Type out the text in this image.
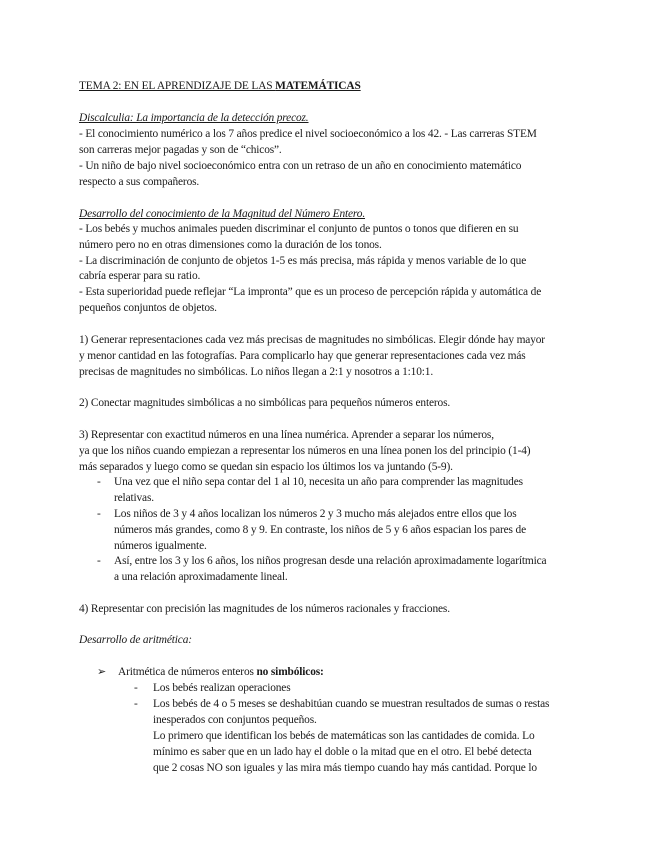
TEMA 2: EN EL APRENDIZAJE DE LAS MATEMÁTICAS
Discalculia: La importancia de la detección precoz.
- El conocimiento numérico a los 7 años predice el nivel socioeconómico a los 42. - Las carreras STEM
son carreras mejor pagadas y son de “chicos”.
- Un niño de bajo nivel socioeconómico entra con un retraso de un año en conocimiento matemático
respecto a sus compañeros.
Desarrollo del conocimiento de la Magnitud del Número Entero.
- Los bebés y muchos animales pueden discriminar el conjunto de puntos o tonos que difieren en su
número pero no en otras dimensiones como la duración de los tonos.
- La discriminación de conjunto de objetos 1-5 es más precisa, más rápida y menos variable de lo que
cabría esperar para su ratio.
- Esta superioridad puede reflejar “La impronta” que es un proceso de percepción rápida y automática de
pequeños conjuntos de objetos.
1) Generar representaciones cada vez más precisas de magnitudes no simbólicas. Elegir dónde hay mayor
y menor cantidad en las fotografías. Para complicarlo hay que generar representaciones cada vez más
precisas de magnitudes no simbólicas. Lo niños llegan a 2:1 y nosotros a 1:10:1.
2) Conectar magnitudes simbólicas a no simbólicas para pequeños números enteros.
3) Representar con exactitud números en una línea numérica. Aprender a separar los números,
ya que los niños cuando empiezan a representar los números en una línea ponen los del principio (1-4)
más separados y luego como se quedan sin espacio los últimos los va juntando (5-9).
- Una vez que el niño sepa contar del 1 al 10, necesita un año para comprender las magnitudes
relativas.
- Los niños de 3 y 4 años localizan los números 2 y 3 mucho más alejados entre ellos que los
números más grandes, como 8 y 9. En contraste, los niños de 5 y 6 años espacian los pares de
números igualmente.
- Así, entre los 3 y los 6 años, los niños progresan desde una relación aproximadamente logarítmica
a una relación aproximadamente lineal.
4) Representar con precisión las magnitudes de los números racionales y fracciones.
Desarrollo de aritmética:
➢ Aritmética de números enteros no simbólicos:
- Los bebés realizan operaciones
- Los bebés de 4 o 5 meses se deshabitúan cuando se muestran resultados de sumas o restas
inesperados con conjuntos pequeños.
Lo primero que identifican los bebés de matemáticas son las cantidades de comida. Lo
mínimo es saber que en un lado hay el doble o la mitad que en el otro. El bebé detecta
que 2 cosas NO son iguales y las mira más tiempo cuando hay más cantidad. Porque lo
